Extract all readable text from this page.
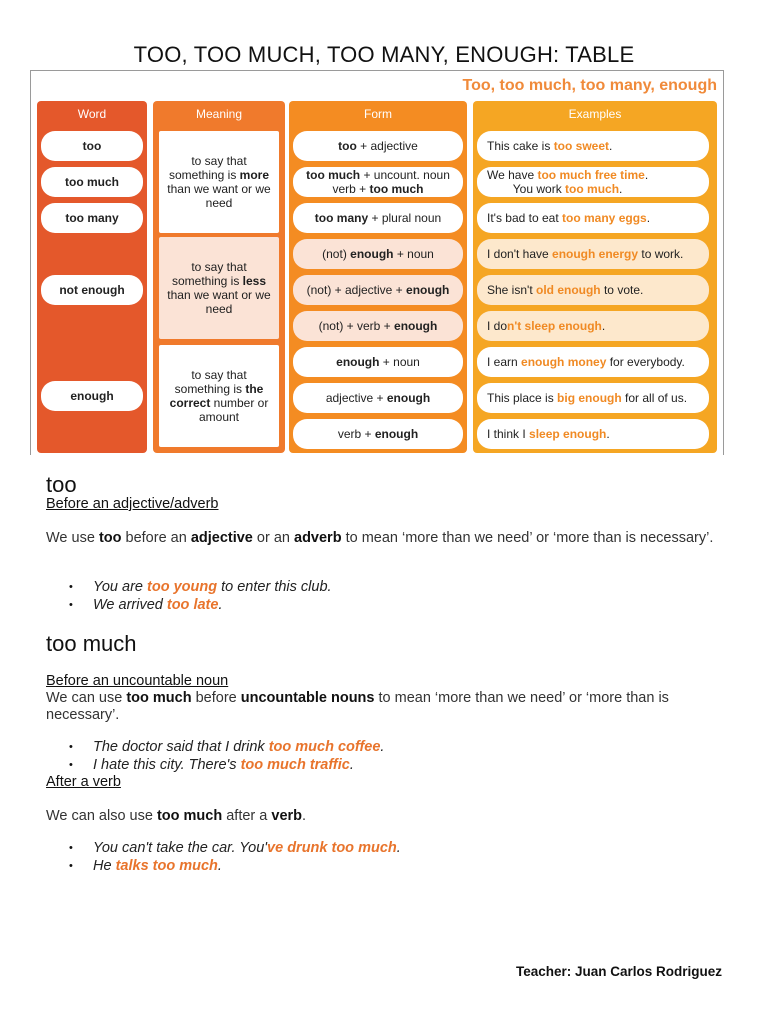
TOO, TOO MUCH, TOO MANY, ENOUGH: TABLE
Too, too much, too many, enough
Word
too
too much
too many
not enough
enough
Meaning
to say that something is more than we want or we need
to say that something is less than we want or we need
to say that something is the correct number or amount
Form
too + adjective
too much + uncount. noun verb + too much
too many + plural noun
(not) enough + noun
(not) + adjective + enough
(not) + verb + enough
enough + noun
adjective + enough
verb + enough
Examples
This cake is too sweet.
We have too much free time.
You work too much.
It's bad to eat too many eggs.
I don't have enough energy to work.
She isn't old enough to vote.
I don't sleep enough.
I earn enough money for everybody.
This place is big enough for all of us.
I think I sleep enough.
too
Before an adjective/adverb
We use too before an adjective or an adverb to mean ‘more than we need’ or ‘more than is necessary’.
• You are too young to enter this club.
• We arrived too late.
too much
Before an uncountable noun
We can use too much before uncountable nouns to mean ‘more than we need’ or ‘more than is necessary’.
• The doctor said that I drink too much coffee.
• I hate this city. There's too much traffic.
After a verb
We can also use too much after a verb.
• You can't take the car. You've drunk too much.
• He talks too much.
Teacher: Juan Carlos Rodriguez
